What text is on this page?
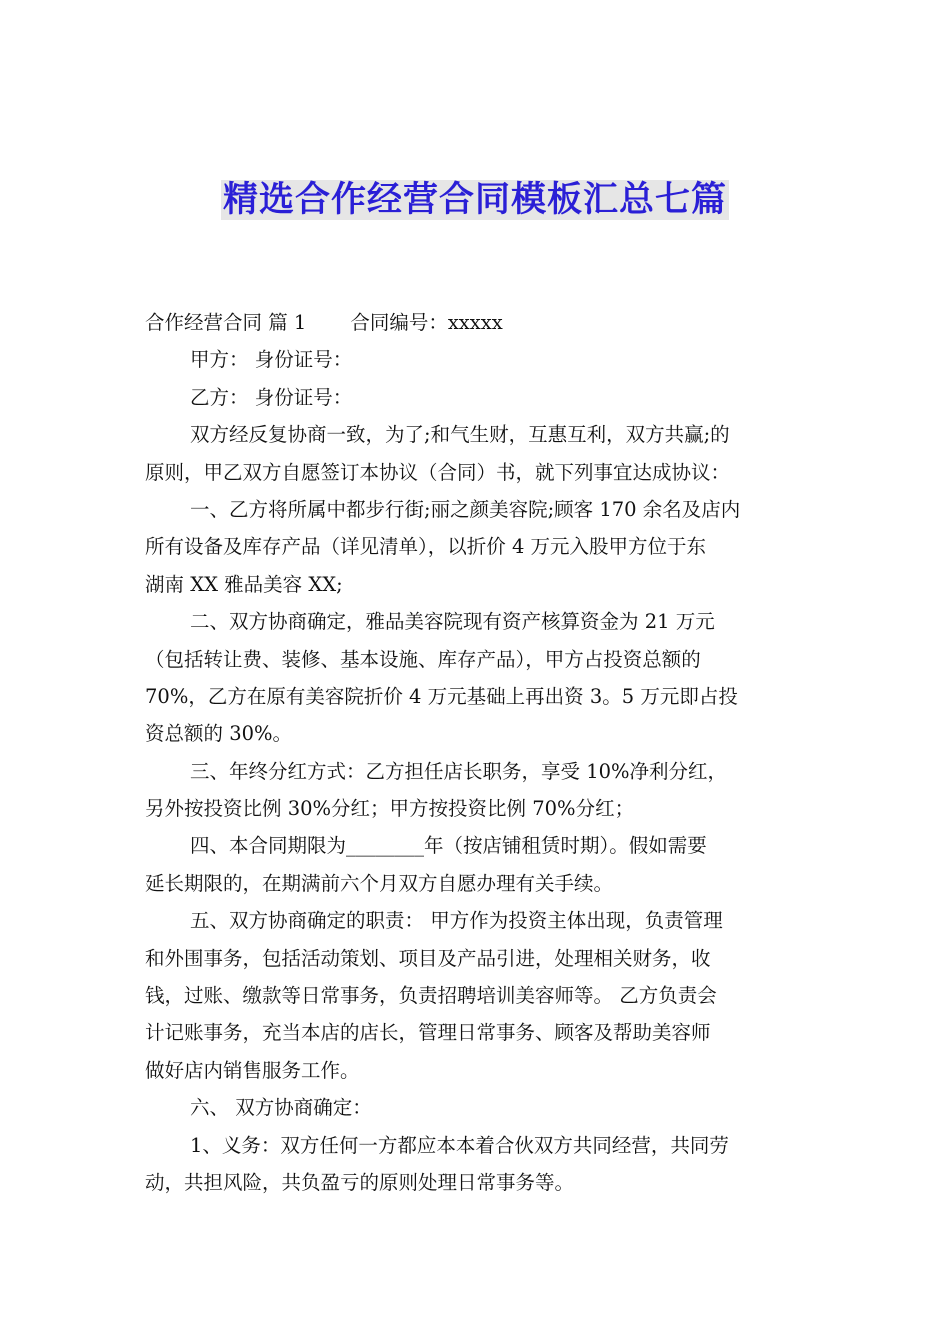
精选合作经营合同模板汇总七篇
合作经营合同 篇 1 合同编号：xxxxx
甲方： 身份证号：
乙方： 身份证号：
双方经反复协商一致，为了;和气生财，互惠互利，双方共赢;的
原则，甲乙双方自愿签订本协议（合同）书，就下列事宜达成协议：
一、乙方将所属中都步行街;丽之颜美容院;顾客 170 余名及店内
所有设备及库存产品（详见清单），以折价 4 万元入股甲方位于东
湖南 XX 雅品美容 XX;
二、双方协商确定，雅品美容院现有资产核算资金为 21 万元
（包括转让费、装修、基本设施、库存产品），甲方占投资总额的
70%，乙方在原有美容院折价 4 万元基础上再出资 3。5 万元即占投
资总额的 30%。
三、年终分红方式：乙方担任店长职务，享受 10%净利分红，
另外按投资比例 30%分红；甲方按投资比例 70%分红；
四、本合同期限为________年（按店铺租赁时期）。假如需要
延长期限的，在期满前六个月双方自愿办理有关手续。
五、双方协商确定的职责： 甲方作为投资主体出现，负责管理
和外围事务，包括活动策划、项目及产品引进，处理相关财务，收
钱，过账、缴款等日常事务，负责招聘培训美容师等。 乙方负责会
计记账事务，充当本店的店长，管理日常事务、顾客及帮助美容师
做好店内销售服务工作。
六、 双方协商确定：
1、义务：双方任何一方都应本本着合伙双方共同经营，共同劳
动，共担风险，共负盈亏的原则处理日常事务等。
